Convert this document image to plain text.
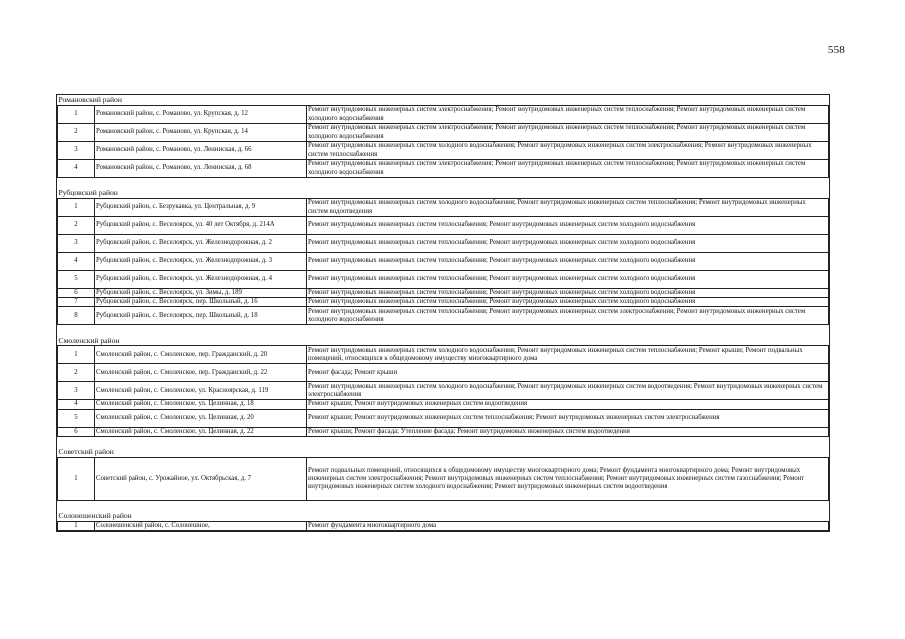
558
Романовский район		
1	Романовский район, с. Романово, ул. Крупская, д. 12	Ремонт внутридомовых инженерных систем электроснабжения; Ремонт внутридомовых инженерных систем теплоснабжения; Ремонт внутридомовых инженерных систем холодного водоснабжения
2	Романовский район, с. Романово, ул. Крупская, д. 14	Ремонт внутридомовых инженерных систем электроснабжения; Ремонт внутридомовых инженерных систем теплоснабжения; Ремонт внутридомовых инженерных систем холодного водоснабжения
3	Романовский район, с. Романово, ул. Ленинская, д. 66	Ремонт внутридомовых инженерных систем холодного водоснабжения; Ремонт внутридомовых инженерных систем электроснабжения; Ремонт внутридомовых инженерных систем теплоснабжения
4	Романовский район, с. Романово, ул. Ленинская, д. 68	Ремонт внутридомовых инженерных систем электроснабжения; Ремонт внутридомовых инженерных систем теплоснабжения; Ремонт внутридомовых инженерных систем холодного водоснабжения

Рубцовский район		
1	Рубцовский район, с. Безрукавка, ул. Центральная, д. 9	Ремонт внутридомовых инженерных систем холодного водоснабжения; Ремонт внутридомовых инженерных систем теплоснабжения; Ремонт внутридомовых инженерных систем водоотведения
2	Рубцовский район, с. Веселоярск, ул. 40 лет Октября, д. 214А	Ремонт внутридомовых инженерных систем теплоснабжения; Ремонт внутридомовых инженерных систем холодного водоснабжения
3	Рубцовский район, с. Веселоярск, ул. Железнодорожная, д. 2	Ремонт внутридомовых инженерных систем теплоснабжения; Ремонт внутридомовых инженерных систем холодного водоснабжения
4	Рубцовский район, с. Веселоярск, ул. Железнодорожная, д. 3	Ремонт внутридомовых инженерных систем теплоснабжения; Ремонт внутридомовых инженерных систем холодного водоснабжения
5	Рубцовский район, с. Веселоярск, ул. Железнодорожная, д. 4	Ремонт внутридомовых инженерных систем теплоснабжения; Ремонт внутридомовых инженерных систем холодного водоснабжения
6	Рубцовский район, с. Веселоярск, ул. Зимы, д. 189	Ремонт внутридомовых инженерных систем теплоснабжения; Ремонт внутридомовых инженерных систем холодного водоснабжения
7	Рубцовский район, с. Веселоярск, пер. Школьный, д. 16	Ремонт внутридомовых инженерных систем теплоснабжения; Ремонт внутридомовых инженерных систем холодного водоснабжения
8	Рубцовский район, с. Веселоярск, пер. Школьный, д. 18	Ремонт внутридомовых инженерных систем теплоснабжения; Ремонт внутридомовых инженерных систем электроснабжения; Ремонт внутридомовых инженерных систем холодного водоснабжения

Смоленский район		
1	Смоленский район, с. Смоленское, пер. Гражданский, д. 20	Ремонт внутридомовых инженерных систем холодного водоснабжения; Ремонт внутридомовых инженерных систем теплоснабжения; Ремонт крыши; Ремонт подвальных помещений, относящихся к общедомовому имуществу многоквартирного дома
2	Смоленский район, с. Смоленское, пер. Гражданский, д. 22	Ремонт фасада; Ремонт крыши
3	Смоленский район, с. Смоленское, ул. Красноярская, д. 119	Ремонт внутридомовых инженерных систем холодного водоснабжения; Ремонт внутридомовых инженерных систем водоотведения; Ремонт внутридомовых инженерных систем электроснабжения
4	Смоленский район, с. Смоленское, ул. Целинная, д. 18	Ремонт крыши; Ремонт внутридомовых инженерных систем водоотведения
5	Смоленский район, с. Смоленское, ул. Целинная, д. 20	Ремонт крыши; Ремонт внутридомовых инженерных систем теплоснабжения; Ремонт внутридомовых инженерных систем электроснабжения
6	Смоленский район, с. Смоленское, ул. Целинная, д. 22	Ремонт крыши; Ремонт фасада; Утепление фасада; Ремонт внутридомовых инженерных систем водоотведения

Советский район		
1	Советский район, с. Урожайное, ул. Октябрьская, д. 7	Ремонт подвальных помещений, относящихся к общедомовому имуществу многоквартирного дома; Ремонт фундамента многоквартирного дома; Ремонт внутридомовых инженерных систем электроснабжения; Ремонт внутридомовых инженерных систем теплоснабжения; Ремонт внутридомовых инженерных систем газоснабжения; Ремонт внутридомовых инженерных систем холодного водоснабжения; Ремонт внутридомовых инженерных систем водоотведения

Солонешенский район		
1	Солонешенский район, с. Солонешное,	Ремонт фундамента многоквартирного дома
